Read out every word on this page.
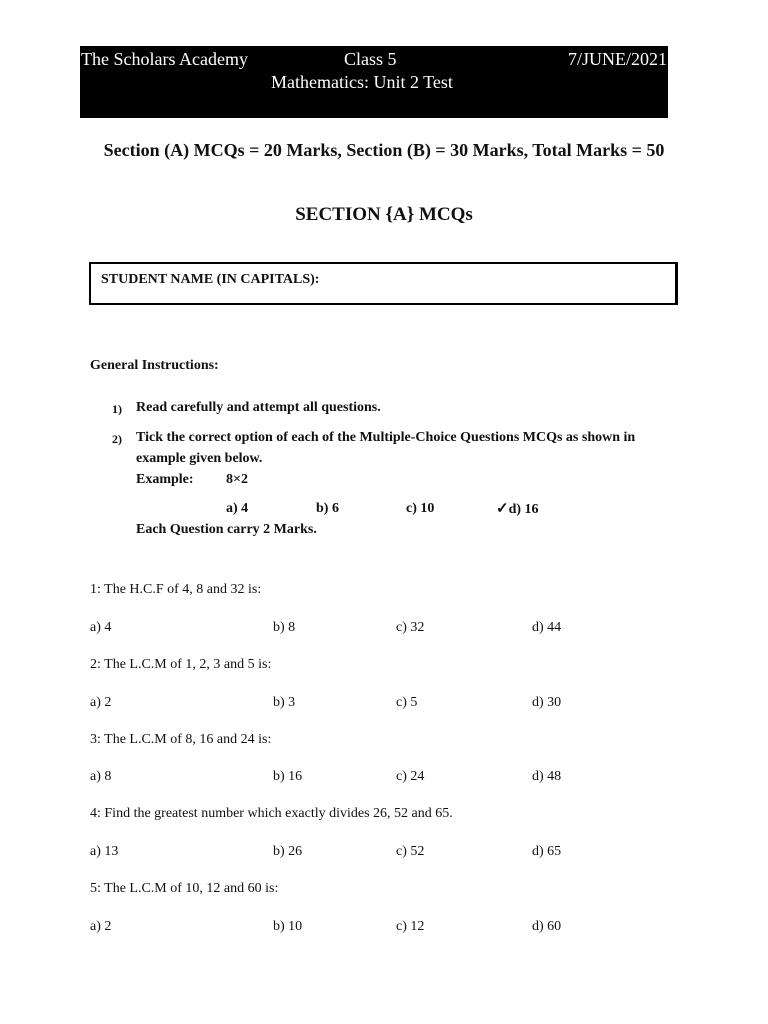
The Scholars Academy	Class 5	7/JUNE/2021
Mathematics: Unit 2 Test
Section (A) MCQs = 20 Marks, Section (B) = 30 Marks, Total Marks = 50
SECTION {A} MCQs
STUDENT NAME (IN CAPITALS):
General Instructions:
1) Read carefully and attempt all questions.
2) Tick the correct option of each of the Multiple-Choice Questions MCQs as shown in
example given below.
Example: 8×2
a) 4	b) 6	c) 10	✓d) 16
Each Question carry 2 Marks.
1: The H.C.F of 4, 8 and 32 is:
a) 4	b) 8	c) 32	d) 44
2: The L.C.M of 1, 2, 3 and 5 is:
a) 2	b) 3	c) 5	d) 30
3: The L.C.M of 8, 16 and 24 is:
a) 8	b) 16	c) 24	d) 48
4: Find the greatest number which exactly divides 26, 52 and 65.
a) 13	b) 26	c) 52	d) 65
5: The L.C.M of 10, 12 and 60 is:
a) 2	b) 10	c) 12	d) 60
